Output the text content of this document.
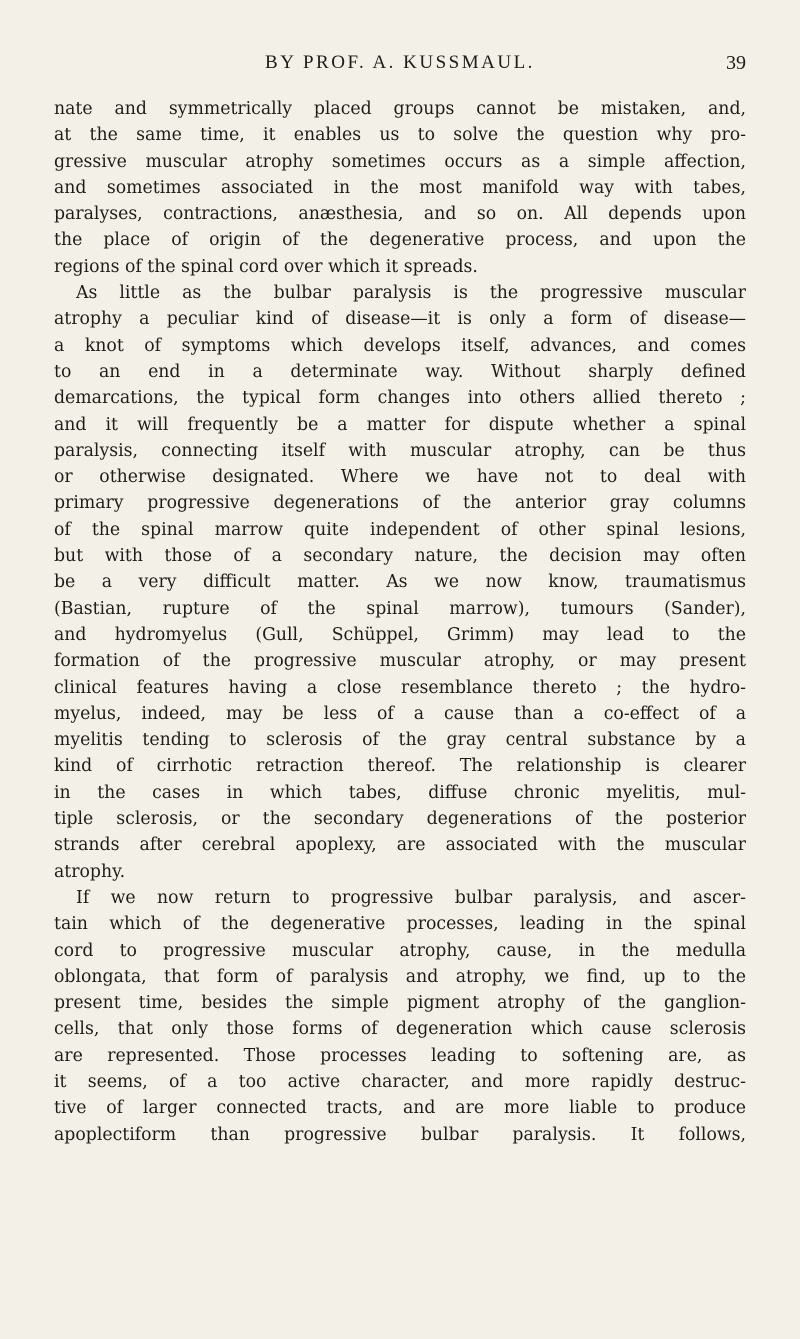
BY PROF. A. KUSSMAUL.	39
nate and symmetrically placed groups cannot be mistaken, and,
at the same time, it enables us to solve the question why pro-
gressive muscular atrophy sometimes occurs as a simple affection,
and sometimes associated in the most manifold way with tabes,
paralyses, contractions, anæsthesia, and so on. All depends upon
the place of origin of the degenerative process, and upon the
regions of the spinal cord over which it spreads.
As little as the bulbar paralysis is the progressive muscular
atrophy a peculiar kind of disease—it is only a form of disease—
a knot of symptoms which develops itself, advances, and comes
to an end in a determinate way. Without sharply defined
demarcations, the typical form changes into others allied thereto ;
and it will frequently be a matter for dispute whether a spinal
paralysis, connecting itself with muscular atrophy, can be thus
or otherwise designated. Where we have not to deal with
primary progressive degenerations of the anterior gray columns
of the spinal marrow quite independent of other spinal lesions,
but with those of a secondary nature, the decision may often
be a very difficult matter. As we now know, traumatismus
(Bastian, rupture of the spinal marrow), tumours (Sander),
and hydromyelus (Gull, Schüppel, Grimm) may lead to the
formation of the progressive muscular atrophy, or may present
clinical features having a close resemblance thereto ; the hydro-
myelus, indeed, may be less of a cause than a co-effect of a
myelitis tending to sclerosis of the gray central substance by a
kind of cirrhotic retraction thereof. The relationship is clearer
in the cases in which tabes, diffuse chronic myelitis, mul-
tiple sclerosis, or the secondary degenerations of the posterior
strands after cerebral apoplexy, are associated with the muscular
atrophy.
If we now return to progressive bulbar paralysis, and ascer-
tain which of the degenerative processes, leading in the spinal
cord to progressive muscular atrophy, cause, in the medulla
oblongata, that form of paralysis and atrophy, we find, up to the
present time, besides the simple pigment atrophy of the ganglion-
cells, that only those forms of degeneration which cause sclerosis
are represented. Those processes leading to softening are, as
it seems, of a too active character, and more rapidly destruc-
tive of larger connected tracts, and are more liable to produce
apoplectiform than progressive bulbar paralysis. It follows,
